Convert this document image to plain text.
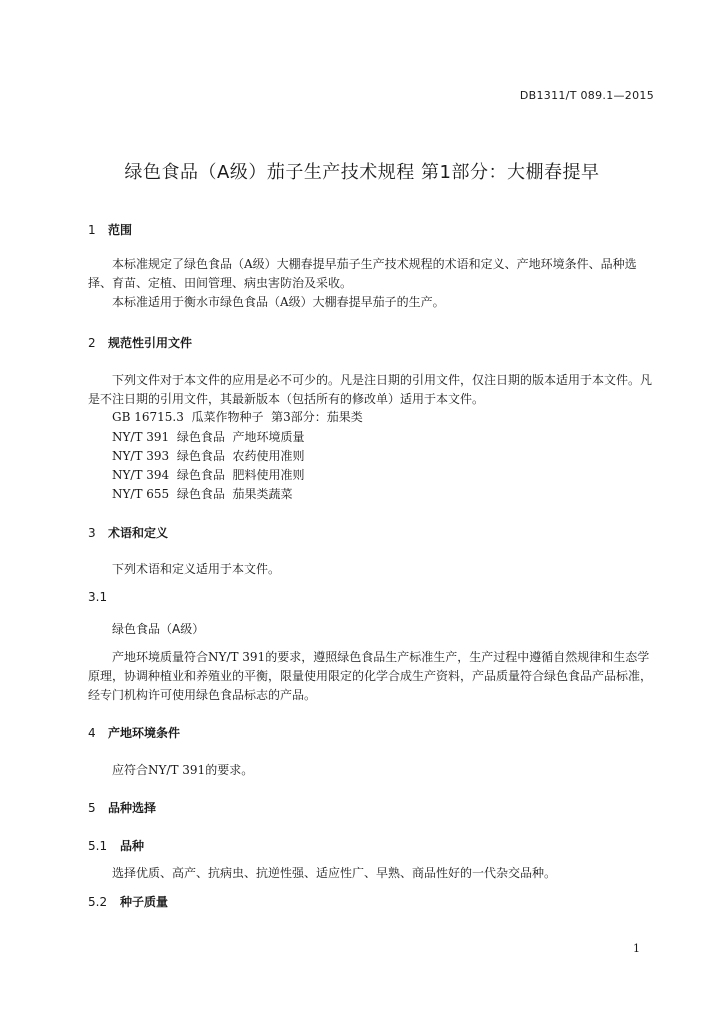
DB1311/T 089.1—2015
绿色食品（A级）茄子生产技术规程 第1部分：大棚春提早
1 范围
本标准规定了绿色食品（A级）大棚春提早茄子生产技术规程的术语和定义、产地环境条件、品种选择、育苗、定植、田间管理、病虫害防治及采收。
本标准适用于衡水市绿色食品（A级）大棚春提早茄子的生产。
2 规范性引用文件
下列文件对于本文件的应用是必不可少的。凡是注日期的引用文件，仅注日期的版本适用于本文件。凡是不注日期的引用文件，其最新版本（包括所有的修改单）适用于本文件。
GB 16715.3  瓜菜作物种子  第3部分：茄果类
NY/T 391  绿色食品  产地环境质量
NY/T 393  绿色食品  农药使用准则
NY/T 394  绿色食品  肥料使用准则
NY/T 655  绿色食品  茄果类蔬菜
3 术语和定义
下列术语和定义适用于本文件。
3.1
绿色食品（A级）
产地环境质量符合NY/T 391的要求，遵照绿色食品生产标准生产，生产过程中遵循自然规律和生态学原理，协调种植业和养殖业的平衡，限量使用限定的化学合成生产资料，产品质量符合绿色食品产品标准，经专门机构许可使用绿色食品标志的产品。
4 产地环境条件
应符合NY/T 391的要求。
5 品种选择
5.1 品种
选择优质、高产、抗病虫、抗逆性强、适应性广、早熟、商品性好的一代杂交品种。
5.2 种子质量
1
